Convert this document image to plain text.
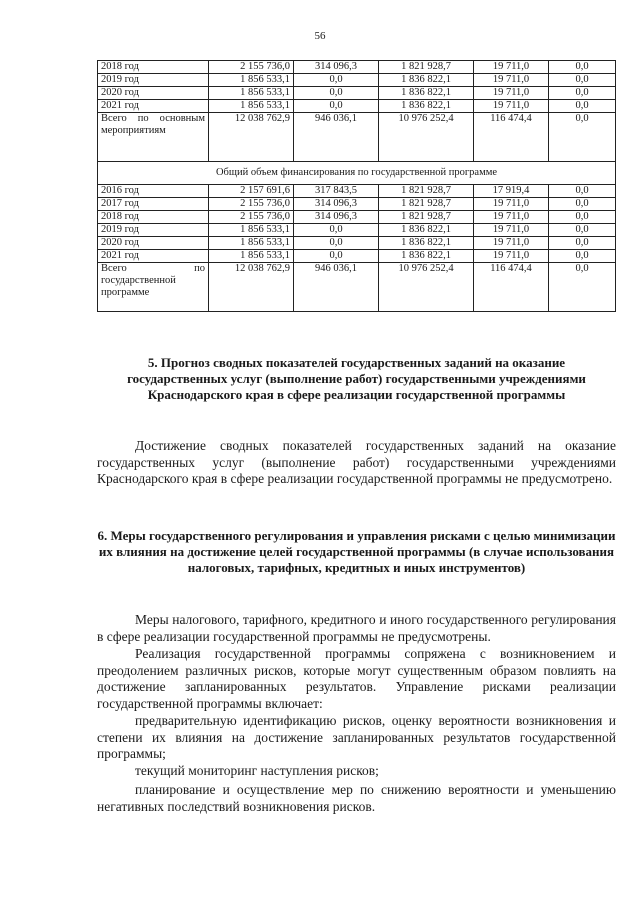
56
2018 год	2 155 736,0	314 096,3	1 821 928,7	19 711,0	0,0
2019 год	1 856 533,1	0,0	1 836 822,1	19 711,0	0,0
2020 год	1 856 533,1	0,0	1 836 822,1	19 711,0	0,0
2021 год	1 856 533,1	0,0	1 836 822,1	19 711,0	0,0
Всего по основным мероприятиям	12 038 762,9	946 036,1	10 976 252,4	116 474,4	0,0
Общий объем финансирования по государственной программе					
2016 год	2 157 691,6	317 843,5	1 821 928,7	17 919,4	0,0
2017 год	2 155 736,0	314 096,3	1 821 928,7	19 711,0	0,0
2018 год	2 155 736,0	314 096,3	1 821 928,7	19 711,0	0,0
2019 год	1 856 533,1	0,0	1 836 822,1	19 711,0	0,0
2020 год	1 856 533,1	0,0	1 836 822,1	19 711,0	0,0
2021 год	1 856 533,1	0,0	1 836 822,1	19 711,0	0,0
Всего по государственной программе	12 038 762,9	946 036,1	10 976 252,4	116 474,4	0,0
5. Прогноз сводных показателей государственных заданий на оказание государственных услуг (выполнение работ) государственными учреждениями Краснодарского края в сфере реализации государственной программы
Достижение сводных показателей государственных заданий на оказание государственных услуг (выполнение работ) государственными учреждениями Краснодарского края в сфере реализации государственной программы не предусмотрено.
6. Меры государственного регулирования и управления рисками с целью минимизации их влияния на достижение целей государственной программы (в случае использования налоговых, тарифных, кредитных и иных инструментов)
Меры налогового, тарифного, кредитного и иного государственного регулирования в сфере реализации государственной программы не предусмотрены.
Реализация государственной программы сопряжена с возникновением и преодолением различных рисков, которые могут существенным образом повлиять на достижение запланированных результатов. Управление рисками реализации государственной программы включает:
предварительную идентификацию рисков, оценку вероятности возникновения и степени их влияния на достижение запланированных результатов государственной программы;
текущий мониторинг наступления рисков;
планирование и осуществление мер по снижению вероятности и уменьшению негативных последствий возникновения рисков.
